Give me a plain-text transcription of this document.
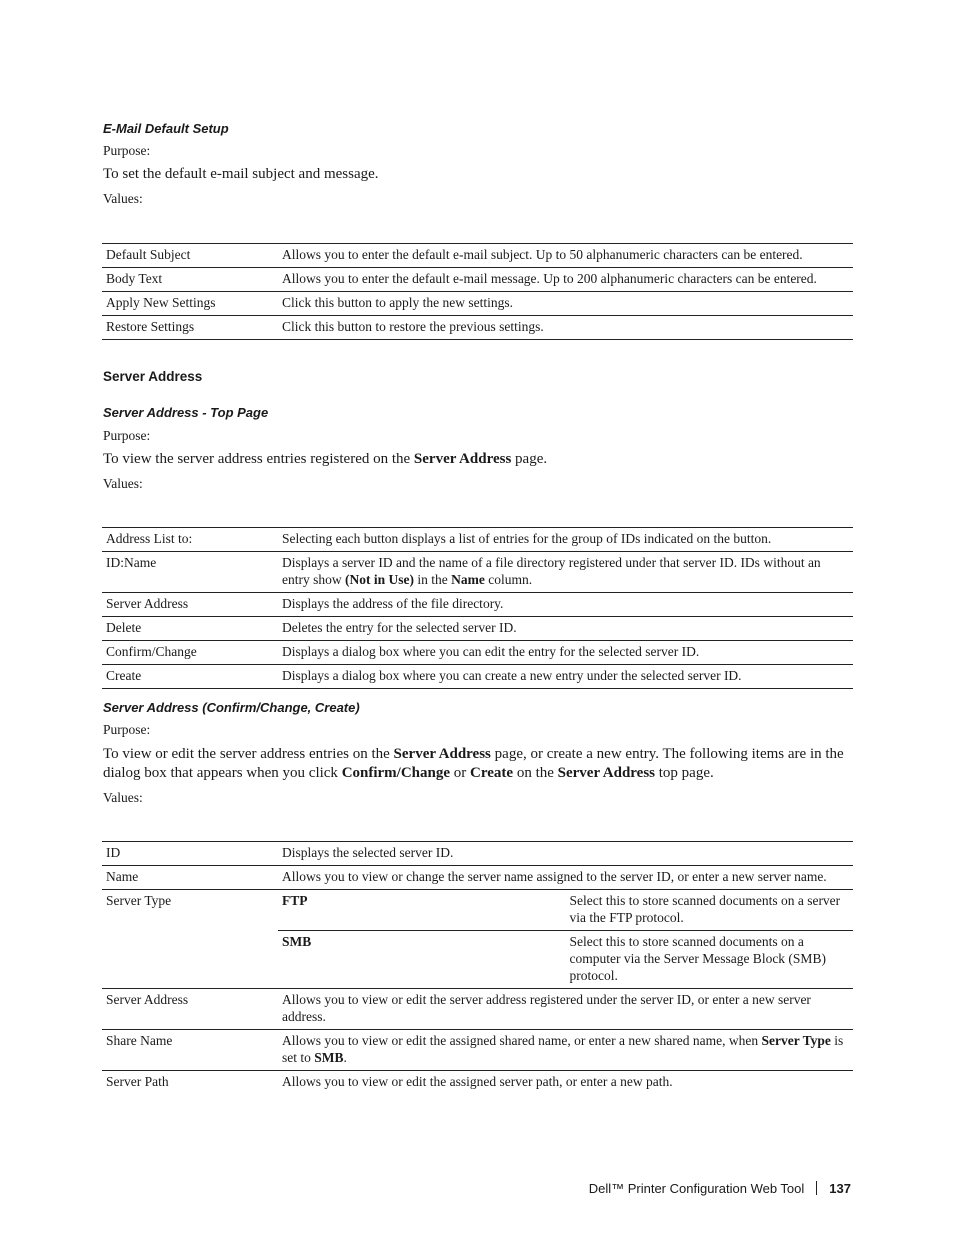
E-Mail Default Setup
Purpose:
To set the default e-mail subject and message.
Values:
Default Subject	Allows you to enter the default e-mail subject. Up to 50 alphanumeric characters can be entered.
Body Text	Allows you to enter the default e-mail message. Up to 200 alphanumeric characters can be entered.
Apply New Settings	Click this button to apply the new settings.
Restore Settings	Click this button to restore the previous settings.
Server Address
Server Address - Top Page
Purpose:
To view the server address entries registered on the Server Address page.
Values:
Address List to:	Selecting each button displays a list of entries for the group of IDs indicated on the button.
ID:Name	Displays a server ID and the name of a file directory registered under that server ID. IDs without an entry show (Not in Use) in the Name column.
Server Address	Displays the address of the file directory.
Delete	Deletes the entry for the selected server ID.
Confirm/Change	Displays a dialog box where you can edit the entry for the selected server ID.
Create	Displays a dialog box where you can create a new entry under the selected server ID.
Server Address (Confirm/Change, Create)
Purpose:
To view or edit the server address entries on the Server Address page, or create a new entry. The following items are in the dialog box that appears when you click Confirm/Change or Create on the Server Address top page.
Values:
ID	Displays the selected server ID.	
Name	Allows you to view or change the server name assigned to the server ID, or enter a new server name.	
Server Type	FTP	Select this to store scanned documents on a server via the FTP protocol.
	SMB	Select this to store scanned documents on a computer via the Server Message Block (SMB) protocol.
Server Address	Allows you to view or edit the server address registered under the server ID, or enter a new server address.	
Share Name	Allows you to view or edit the assigned shared name, or enter a new shared name, when Server Type is set to SMB.	
Server Path	Allows you to view or edit the assigned server path, or enter a new path.	
Dell™ Printer Configuration Web Tool 137
